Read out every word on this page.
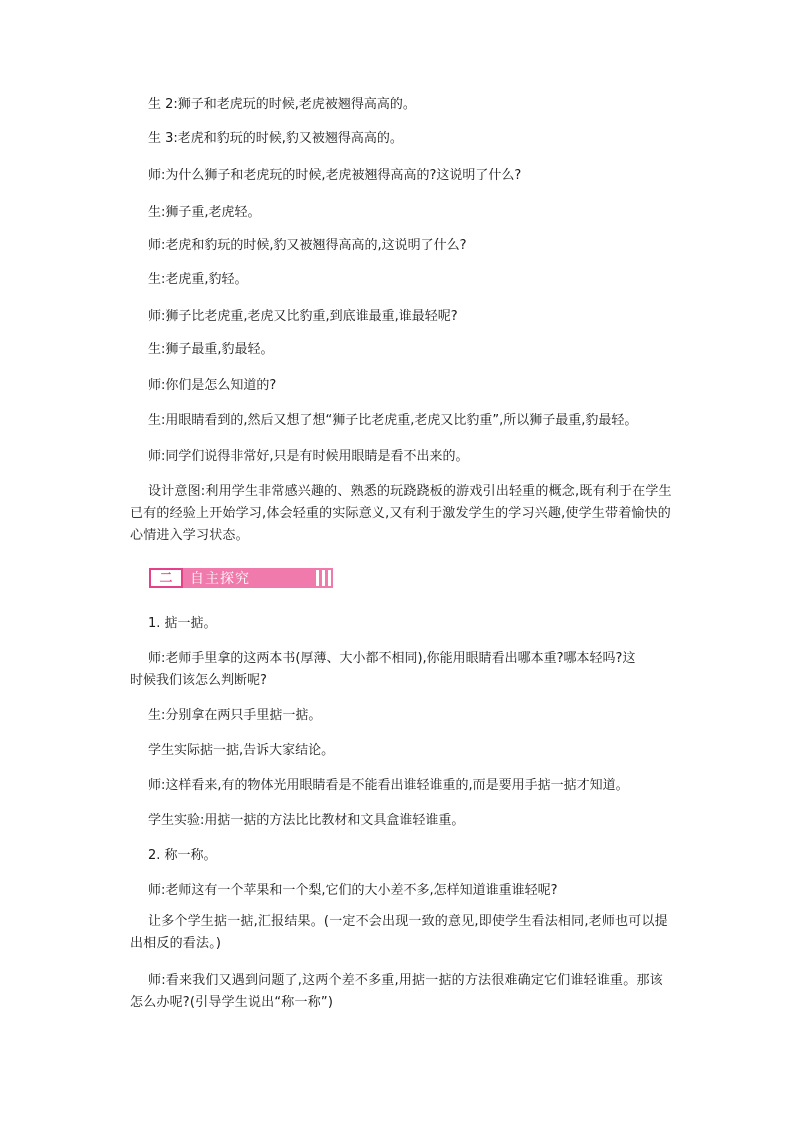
生 2:狮子和老虎玩的时候,老虎被翘得高高的。
生 3:老虎和豹玩的时候,豹又被翘得高高的。
师:为什么狮子和老虎玩的时候,老虎被翘得高高的?这说明了什么?
生:狮子重,老虎轻。
师:老虎和豹玩的时候,豹又被翘得高高的,这说明了什么?
生:老虎重,豹轻。
师:狮子比老虎重,老虎又比豹重,到底谁最重,谁最轻呢?
生:狮子最重,豹最轻。
师:你们是怎么知道的?
生:用眼睛看到的,然后又想了想“狮子比老虎重,老虎又比豹重”,所以狮子最重,豹最轻。
师:同学们说得非常好,只是有时候用眼睛是看不出来的。
设计意图:利用学生非常感兴趣的、熟悉的玩跷跷板的游戏引出轻重的概念,既有利于在学生已有的经验上开始学习,体会轻重的实际意义,又有利于激发学生的学习兴趣,使学生带着愉快的心情进入学习状态。
二	自主探究
1. 掂一掂。
师:老师手里拿的这两本书(厚薄、大小都不相同),你能用眼睛看出哪本重?哪本轻吗?这
时候我们该怎么判断呢?
生:分别拿在两只手里掂一掂。
学生实际掂一掂,告诉大家结论。
师:这样看来,有的物体光用眼睛看是不能看出谁轻谁重的,而是要用手掂一掂才知道。
学生实验:用掂一掂的方法比比教材和文具盒谁轻谁重。
2. 称一称。
师:老师这有一个苹果和一个梨,它们的大小差不多,怎样知道谁重谁轻呢?
让多个学生掂一掂,汇报结果。(一定不会出现一致的意见,即使学生看法相同,老师也可以提出相反的看法。)
师:看来我们又遇到问题了,这两个差不多重,用掂一掂的方法很难确定它们谁轻谁重。那该怎么办呢?(引导学生说出“称一称”)
